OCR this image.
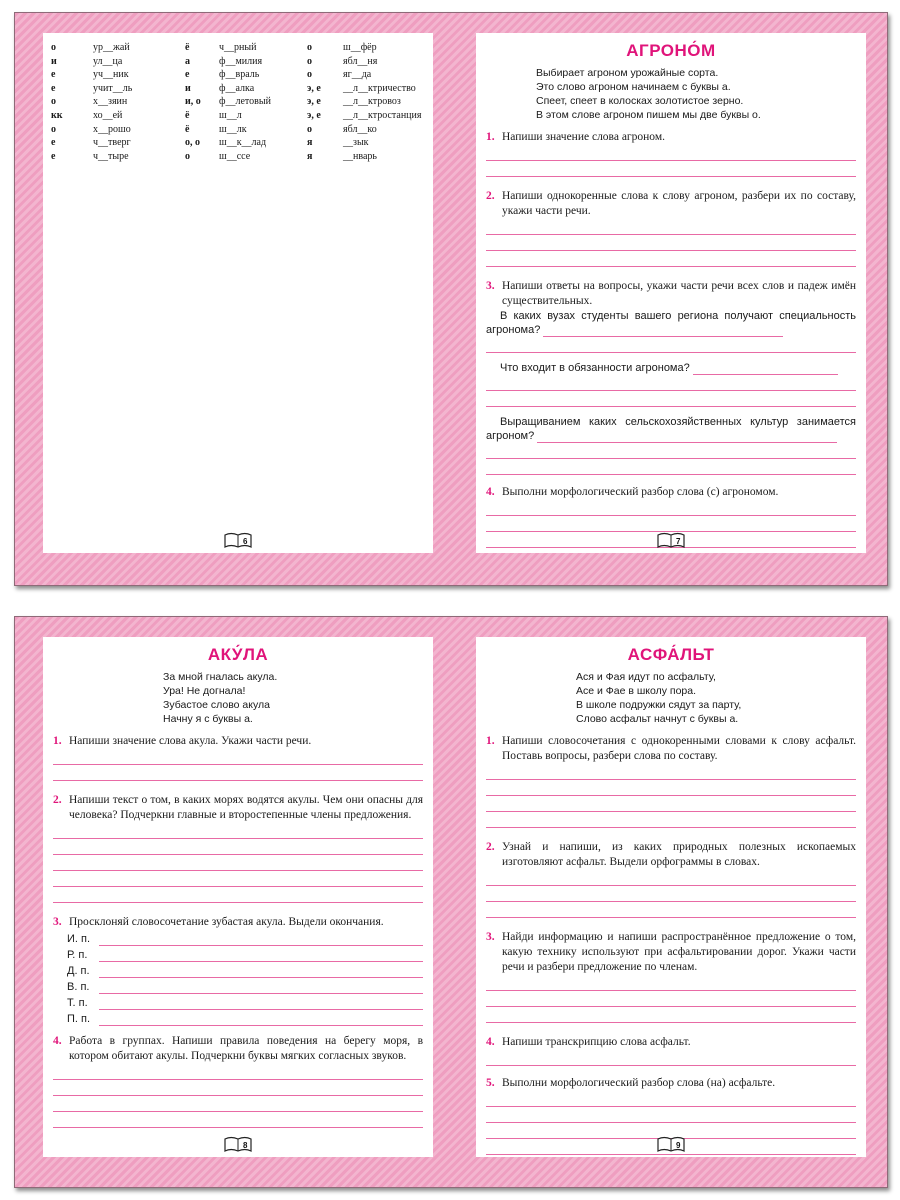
о	ур__жай	ё	ч__рный	о	ш__фёр
и	ул__ца	а	ф__милия	о	ябл__ня
е	уч__ник	е	ф__враль	о	яг__да
е	учит__ль	и	ф__алка	э, е	__л__ктричество
о	х__зяин	и, о	ф__летовый	э, е	__л__ктровоз
кк	хо__ей	ё	ш__л	э, е	__л__ктростанция
о	х__рошо	ё	ш__лк	о	ябл__ко
е	ч__тверг	о, о	ш__к__лад	я	__зык
е	ч__тыре	о	ш__ссе	я	__нварь
6
АГРОНО́М
Выбирает агроном урожайные сорта.
Это слово агроном начинаем с буквы а.
Спеет, спеет в колосках золотистое зерно.
В этом слове агроном пишем мы две буквы о.
1. Напиши значение слова агроном.
2. Напиши однокоренные слова к слову агроном, разбери их по составу, укажи части речи.
3. Напиши ответы на вопросы, укажи части речи всех слов и падеж имён существительных.
В каких вузах студенты вашего региона получают специальность агронома?
Что входит в обязанности агронома?
Выращиванием каких сельскохозяйственных культур занимается агроном?
4. Выполни морфологический разбор слова (с) агрономом.
7
АКУ́ЛА
За мной гналась акула.
Ура! Не догнала!
Зубастое слово акула
Начну я с буквы а.
1. Напиши значение слова акула. Укажи части речи.
2. Напиши текст о том, в каких морях водятся акулы. Чем они опасны для человека? Подчеркни главные и второстепенные члены предложения.
3. Просклоняй словосочетание зубастая акула. Выдели окончания.
И. п.
Р. п.
Д. п.
В. п.
Т. п.
П. п.
4. Работа в группах. Напиши правила поведения на берегу моря, в котором обитают акулы. Подчеркни буквы мягких согласных звуков.
8
АСФА́ЛЬТ
Ася и Фая идут по асфальту,
Асе и Фае в школу пора.
В школе подружки сядут за парту,
Слово асфальт начнут с буквы а.
1. Напиши словосочетания с однокоренными словами к слову асфальт. Поставь вопросы, разбери слова по составу.
2. Узнай и напиши, из каких природных полезных ископаемых изготовляют асфальт. Выдели орфограммы в словах.
3. Найди информацию и напиши распространённое предложение о том, какую технику используют при асфальтировании дорог. Укажи части речи и разбери предложение по членам.
4. Напиши транскрипцию слова асфальт.
5. Выполни морфологический разбор слова (на) асфальте.
9
